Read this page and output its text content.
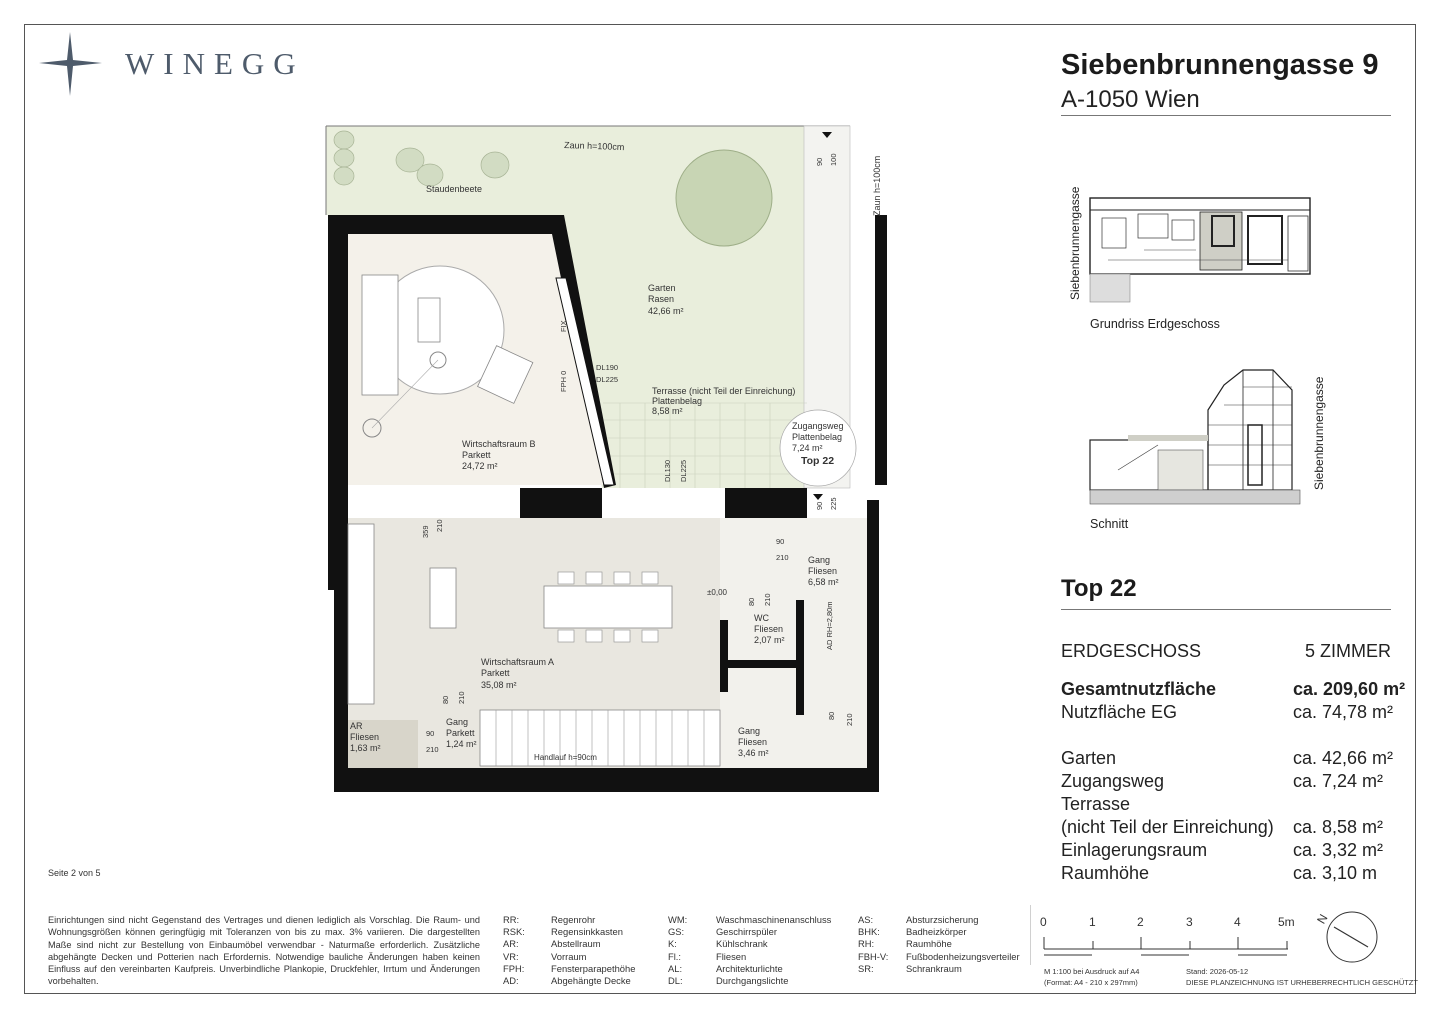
WINEGG	Siebenbrunnengasse 9
A-1050 Wien
Siebenbrunnengasse
Grundriss Erdgeschoss
Siebenbrunnengasse
Schnitt
Top 22
ERDGESCHOSS	5 ZIMMER
Gesamtnutzfläche	ca. 209,60 m²
Nutzfläche EG	ca. 74,78 m²
Garten	ca. 42,66 m²
Zugangsweg	ca. 7,24 m²
Terrasse
(nicht Teil der Einreichung) ca. 8,58 m²
Einlagerungsraum	ca. 3,32 m²
Raumhöhe	ca. 3,10 m
Zaun h=100cm
Staudenbeete	Zaun h=100cm
Garten
Rasen
42,66 m²
Terrasse (nicht Teil der Einreichung)
Plattenbelag
8,58 m²
Zugangsweg
Plattenbelag
7,24 m²
Top 22
Wirtschaftsraum B
Parkett
24,72 m²
Wirtschaftsraum A
Parkett
35,08 m²
Gang
Fliesen
6,58 m²
WC
Fliesen
2,07 m²
AR
Fliesen
1,63 m²
Gang
Parkett
1,24 m²
Gang
Fliesen
3,46 m²
Handlauf h=90cm
±0,00
AD RH=2,80m
90 100
90 225
359 210
90
210
80 210
80 210
90
210
80 210
DL190
DL225
DL130 DL225
FPH 0
FIX
Seite 2 von 5
Einrichtungen sind nicht Gegenstand des Vertrages und dienen lediglich als Vorschlag. Die Raum- und Wohnungsgrößen können geringfügig mit Toleranzen von bis zu max. 3% variieren. Die dargestellten Maße sind nicht zur Bestellung von Einbaumöbel verwendbar - Naturmaße erforderlich. Zusätzliche abgehängte Decken und Potterien nach Erfordernis. Notwendige bauliche Änderungen haben keinen Einfluss auf den vereinbarten Kaufpreis. Unverbindliche Plankopie, Druckfehler, Irrtum und Änderungen vorbehalten.
RR:	Regenrohr
RSK:	Regensinkkasten
AR:	Abstellraum
VR:	Vorraum
FPH:	Fensterparapethöhe
AD:	Abgehängte Decke
WM:	Waschmaschinenanschluss
GS:	Geschirrspüler
K:	Kühlschrank
Fl.:	Fliesen
AL:	Architekturlichte
DL:	Durchgangslichte
AS:	Absturzsicherung
BHK:	Badheizkörper
RH:	Raumhöhe
FBH-V: Fußbodenheizungsverteiler
SR:	Schrankraum
0	1	2	3	4	5m N
M 1:100 bei Ausdruck auf A4
(Format: A4 - 210 x 297mm)
Stand: 2026-05-12
DIESE PLANZEICHNUNG IST URHEBERRECHTLICH GESCHÜTZT
